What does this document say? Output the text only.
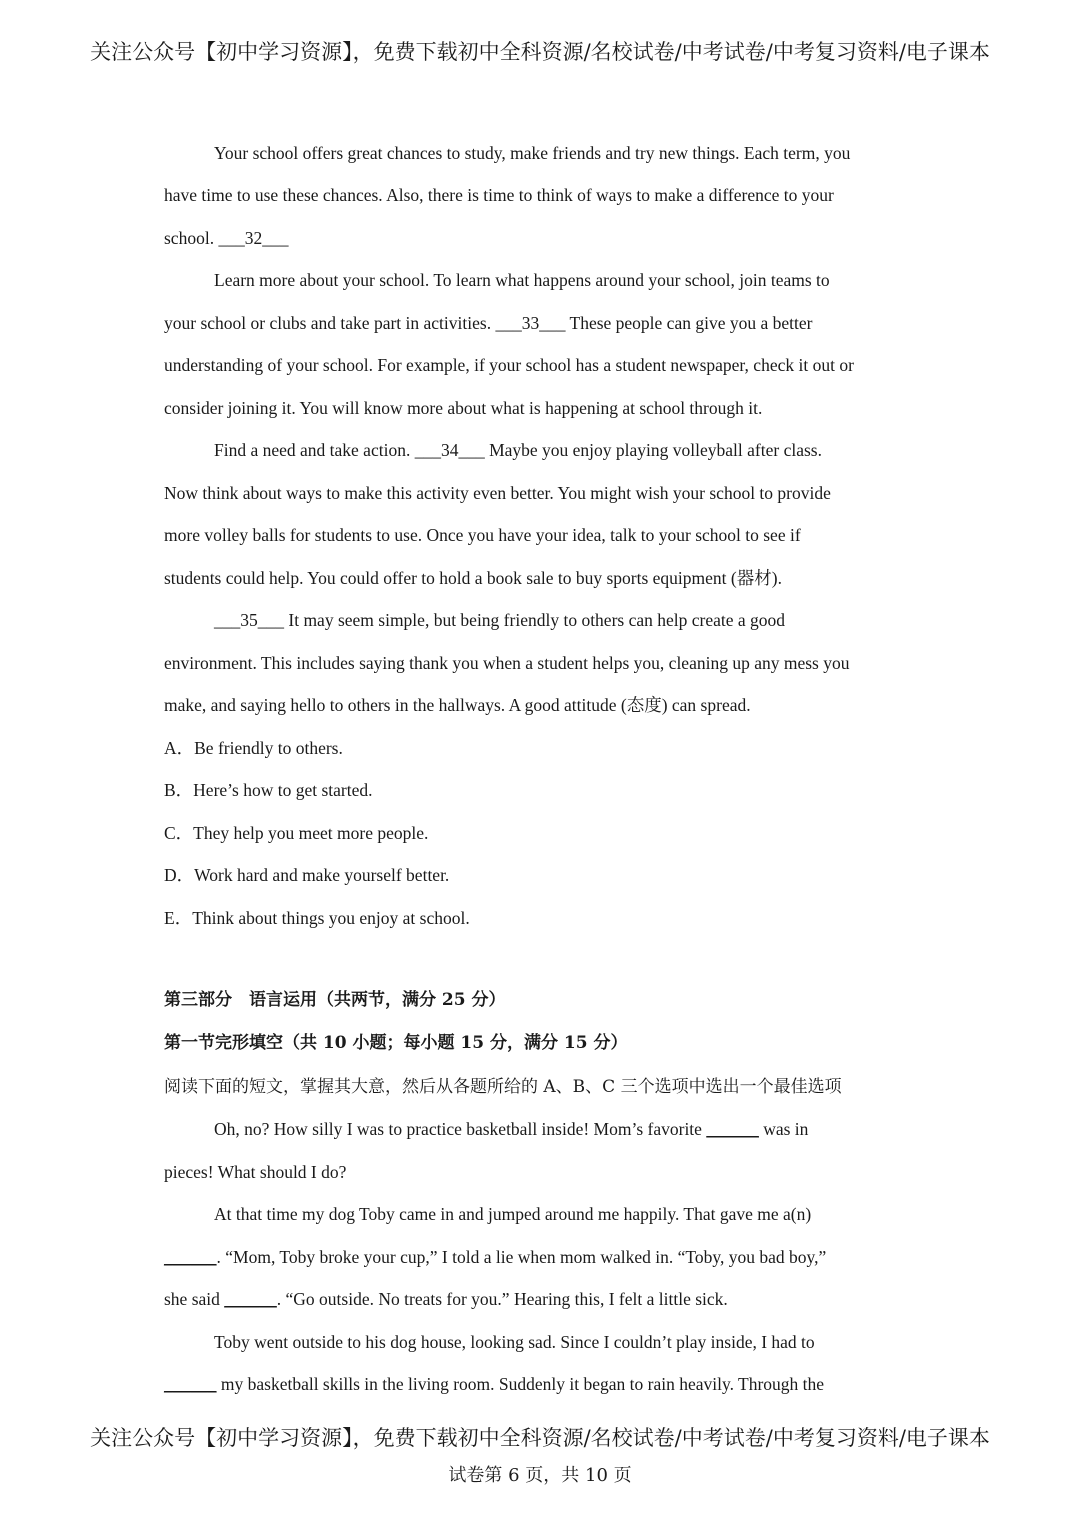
关注公众号【初中学习资源】，免费下载初中全科资源/名校试卷/中考试卷/中考复习资料/电子课本
Your school offers great chances to study, make friends and try new things. Each term, you
have time to use these chances. Also, there is time to think of ways to make a difference to your
school. ___32___
Learn more about your school. To learn what happens around your school, join teams to
your school or clubs and take part in activities. ___33___ These people can give you a better
understanding of your school. For example, if your school has a student newspaper, check it out or
consider joining it. You will know more about what is happening at school through it.
Find a need and take action. ___34___ Maybe you enjoy playing volleyball after class.
Now think about ways to make this activity even better. You might wish your school to provide
more volley balls for students to use. Once you have your idea, talk to your school to see if
students could help. You could offer to hold a book sale to buy sports equipment (器材).
___35___ It may seem simple, but being friendly to others can help create a good
environment. This includes saying thank you when a student helps you, cleaning up any mess you
make, and saying hello to others in the hallways. A good attitude (态度) can spread.
A．Be friendly to others.
B．Here’s how to get started.
C．They help you meet more people.
D．Work hard and make yourself better.
E．Think about things you enjoy at school.
第三部分　语言运用（共两节，满分 25 分）
第一节完形填空（共 10 小题；每小题 15 分，满分 15 分）
阅读下面的短文，掌握其大意，然后从各题所给的 A、B、C 三个选项中选出一个最佳选项
Oh, no? How silly I was to practice basketball inside! Mom’s favorite ______ was in
pieces! What should I do?
At that time my dog Toby came in and jumped around me happily. That gave me a(n)
______. “Mom, Toby broke your cup,” I told a lie when mom walked in. “Toby, you bad boy,”
she said ______. “Go outside. No treats for you.” Hearing this, I felt a little sick.
Toby went outside to his dog house, looking sad. Since I couldn’t play inside, I had to
______ my basketball skills in the living room. Suddenly it began to rain heavily. Through the
关注公众号【初中学习资源】，免费下载初中全科资源/名校试卷/中考试卷/中考复习资料/电子课本
试卷第 6 页，共 10 页
